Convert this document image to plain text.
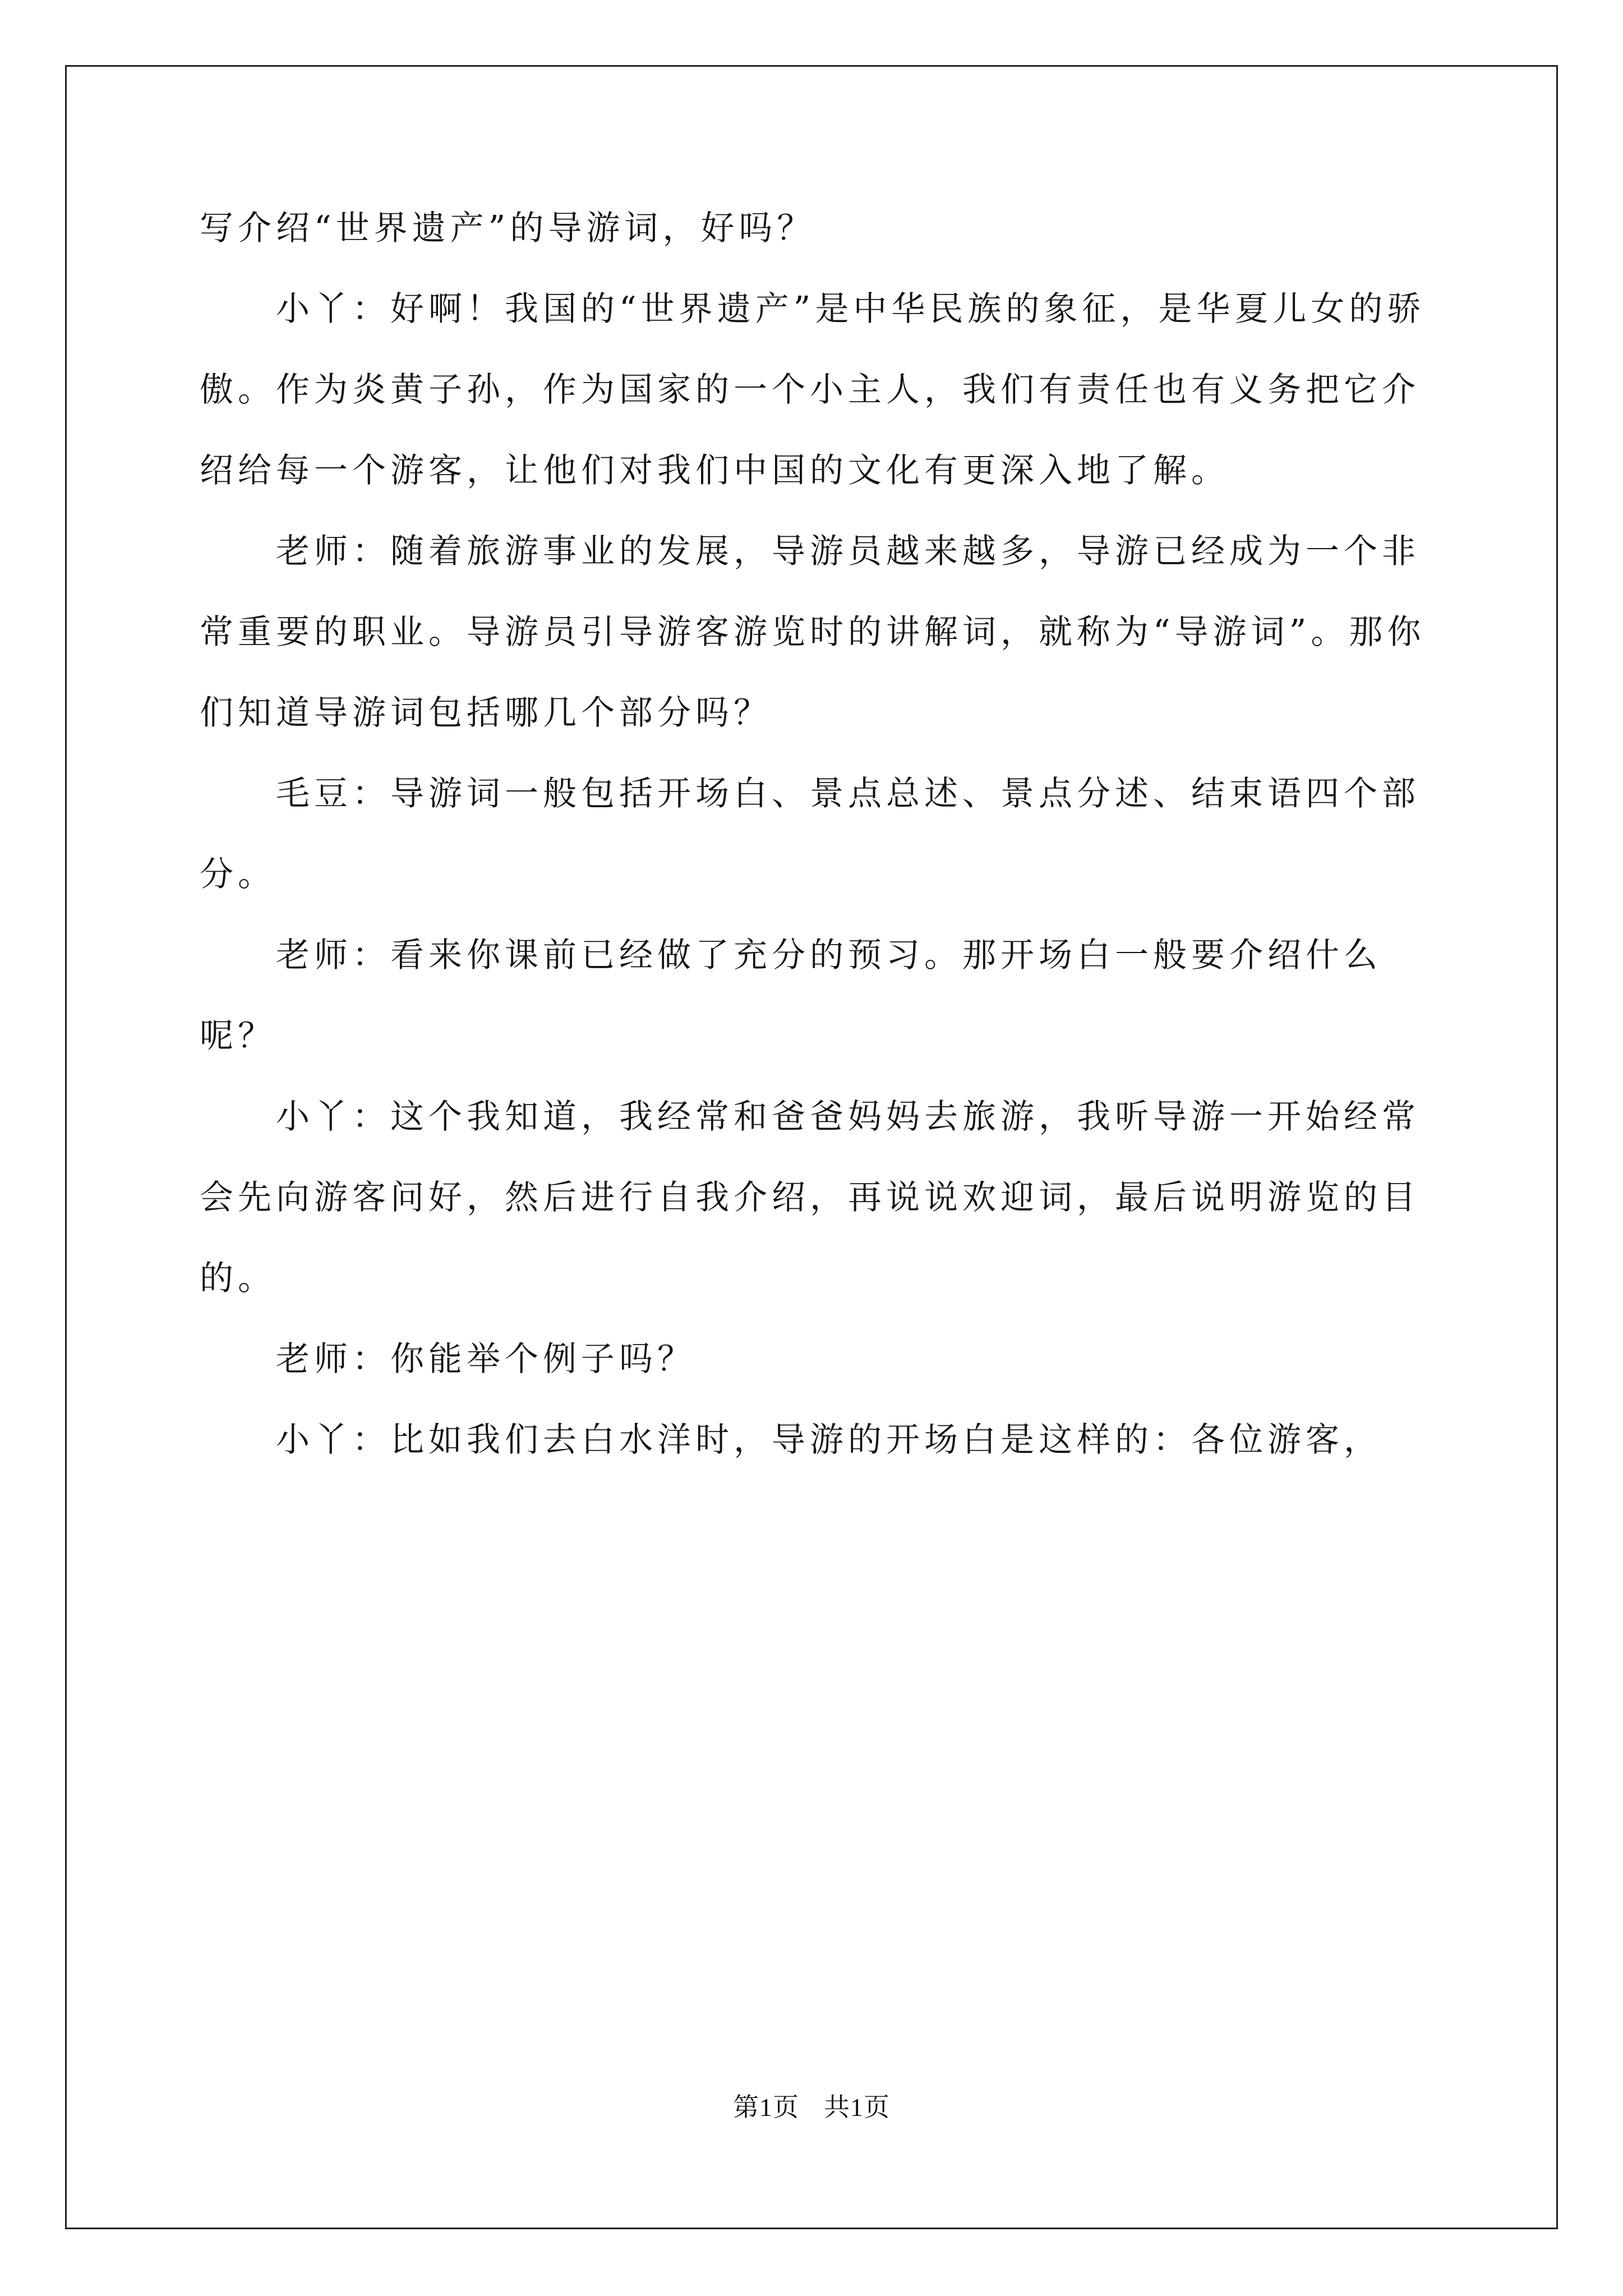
写介绍“世界遗产”的导游词，好吗？

小丫：好啊！我国的“世界遗产”是中华民族的象征，是华夏儿女的骄傲。作为炎黄子孙，作为国家的一个小主人，我们有责任也有义务把它介绍给每一个游客，让他们对我们中国的文化有更深入地了解。

老师：随着旅游事业的发展，导游员越来越多，导游已经成为一个非常重要的职业。导游员引导游客游览时的讲解词，就称为“导游词”。那你们知道导游词包括哪几个部分吗？

毛豆：导游词一般包括开场白、景点总述、景点分述、结束语四个部分。

老师：看来你课前已经做了充分的预习。那开场白一般要介绍什么呢？

小丫：这个我知道，我经常和爸爸妈妈去旅游，我听导游一开始经常会先向游客问好，然后进行自我介绍，再说说欢迎词，最后说明游览的目的。

老师：你能举个例子吗？

小丫：比如我们去白水洋时，导游的开场白是这样的：各位游客，

第1页 共1页
